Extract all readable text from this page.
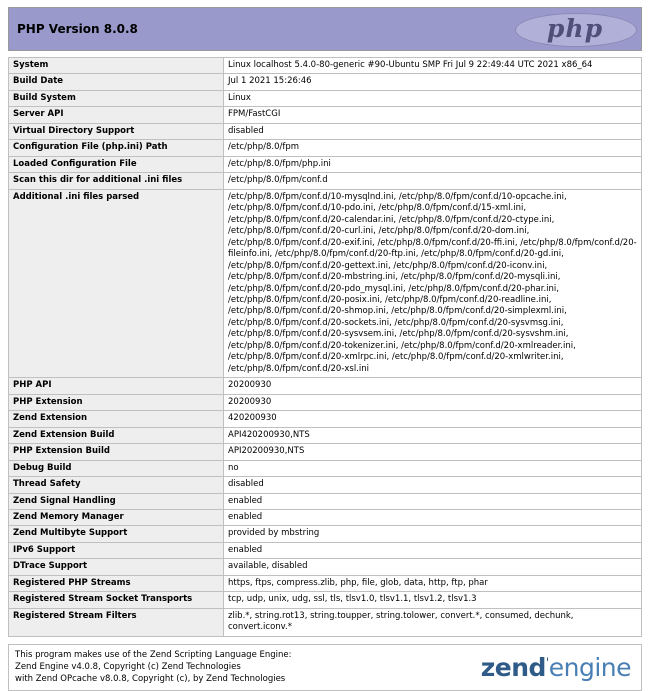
PHP Version 8.0.8	php
System	Linux localhost 5.4.0-80-generic #90-Ubuntu SMP Fri Jul 9 22:49:44 UTC 2021 x86_64
Build Date	Jul 1 2021 15:26:46
Build System	Linux
Server API	FPM/FastCGI
Virtual Directory Support	disabled
Configuration File (php.ini) Path	/etc/php/8.0/fpm
Loaded Configuration File	/etc/php/8.0/fpm/php.ini
Scan this dir for additional .ini files	/etc/php/8.0/fpm/conf.d
Additional .ini files parsed	/etc/php/8.0/fpm/conf.d/10-mysqlnd.ini, /etc/php/8.0/fpm/conf.d/10-opcache.ini, /etc/php/8.0/fpm/conf.d/10-pdo.ini, /etc/php/8.0/fpm/conf.d/15-xml.ini, /etc/php/8.0/fpm/conf.d/20-calendar.ini, /etc/php/8.0/fpm/conf.d/20-ctype.ini, /etc/php/8.0/fpm/conf.d/20-curl.ini, /etc/php/8.0/fpm/conf.d/20-dom.ini, /etc/php/8.0/fpm/conf.d/20-exif.ini, /etc/php/8.0/fpm/conf.d/20-ffi.ini, /etc/php/8.0/fpm/conf.d/20-fileinfo.ini, /etc/php/8.0/fpm/conf.d/20-ftp.ini, /etc/php/8.0/fpm/conf.d/20-gd.ini, /etc/php/8.0/fpm/conf.d/20-gettext.ini, /etc/php/8.0/fpm/conf.d/20-iconv.ini, /etc/php/8.0/fpm/conf.d/20-mbstring.ini, /etc/php/8.0/fpm/conf.d/20-mysqli.ini, /etc/php/8.0/fpm/conf.d/20-pdo_mysql.ini, /etc/php/8.0/fpm/conf.d/20-phar.ini, /etc/php/8.0/fpm/conf.d/20-posix.ini, /etc/php/8.0/fpm/conf.d/20-readline.ini, /etc/php/8.0/fpm/conf.d/20-shmop.ini, /etc/php/8.0/fpm/conf.d/20-simplexml.ini, /etc/php/8.0/fpm/conf.d/20-sockets.ini, /etc/php/8.0/fpm/conf.d/20-sysvmsg.ini, /etc/php/8.0/fpm/conf.d/20-sysvsem.ini, /etc/php/8.0/fpm/conf.d/20-sysvshm.ini, /etc/php/8.0/fpm/conf.d/20-tokenizer.ini, /etc/php/8.0/fpm/conf.d/20-xmlreader.ini, /etc/php/8.0/fpm/conf.d/20-xmlrpc.ini, /etc/php/8.0/fpm/conf.d/20-xmlwriter.ini, /etc/php/8.0/fpm/conf.d/20-xsl.ini
PHP API	20200930
PHP Extension	20200930
Zend Extension	420200930
Zend Extension Build	API420200930,NTS
PHP Extension Build	API20200930,NTS
Debug Build	no
Thread Safety	disabled
Zend Signal Handling	enabled
Zend Memory Manager	enabled
Zend Multibyte Support	provided by mbstring
IPv6 Support	enabled
DTrace Support	available, disabled
Registered PHP Streams	https, ftps, compress.zlib, php, file, glob, data, http, ftp, phar
Registered Stream Socket Transports	tcp, udp, unix, udg, ssl, tls, tlsv1.0, tlsv1.1, tlsv1.2, tlsv1.3
Registered Stream Filters	zlib.*, string.rot13, string.toupper, string.tolower, convert.*, consumed, dechunk, convert.iconv.*
This program makes use of the Zend Scripting Language Engine:
Zend Engine v4.0.8, Copyright (c) Zend Technologies
with Zend OPcache v8.0.8, Copyright (c), by Zend Technologies	zend'engine
